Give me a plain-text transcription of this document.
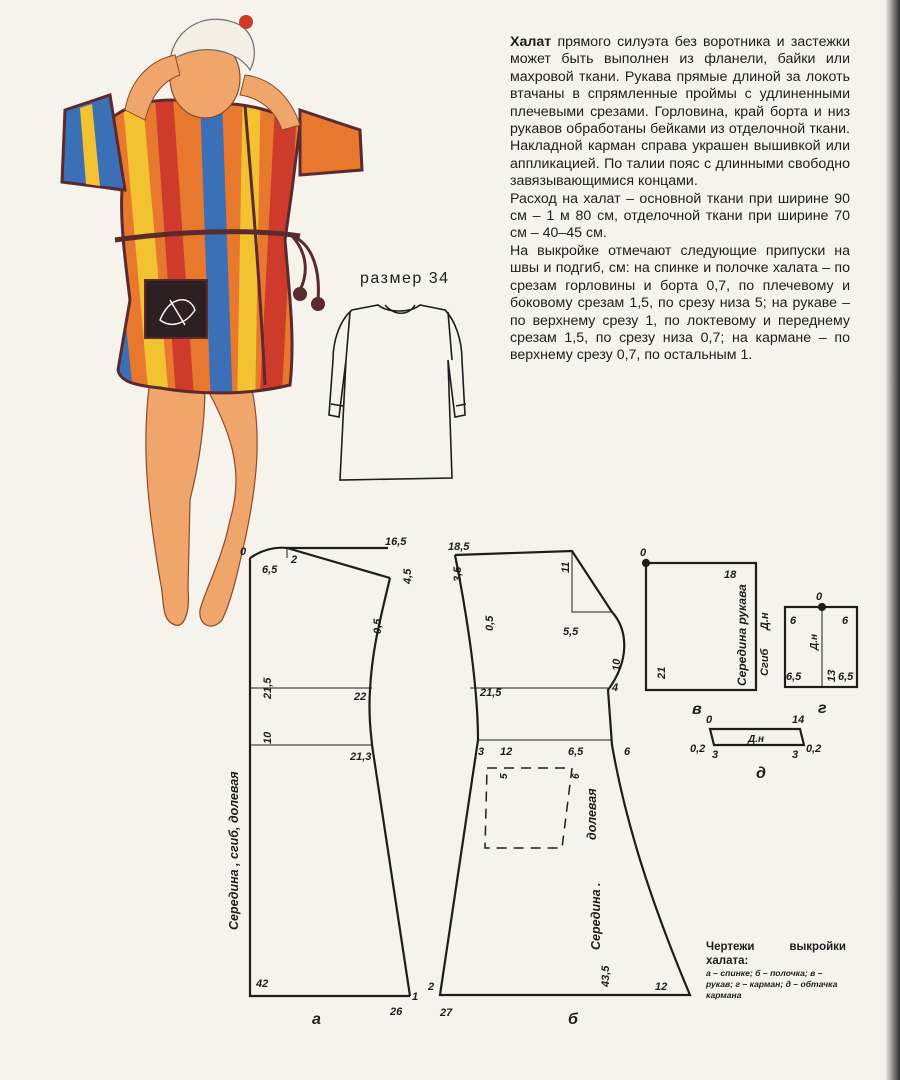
0
16,5
6,5
2
4,5
0,5
21,5	22
10
21,3
42
1
26
Середина , сгиб, долевая
а
18,5
3,5	11
0,5
5,5
10
4
21,5
3 12	6,5	6
5	6
43,5
2	12
27
долевая
Середина .
б
0
18
21	Середина рукава Сгиб
Д.н
в
0
6	6
6,5 13 6,5
Д.н
г
0	14
0,2 3	3 0,2
Д.н
д

Халат прямого силуэта без воротника и застежки может быть выполнен из фланели, байки или махровой ткани. Рукава прямые длиной за локоть втачаны в спрямленные проймы с удлиненными плечевыми срезами. Горловина, край борта и низ рукавов обработаны бейками из отделочной ткани. Накладной карман справа украшен вышивкой или аппликацией. По талии пояс с длинными свободно завязывающимися концами.

Расход на халат – основной ткани при ширине 90 см – 1 м 80 см, отделочной ткани при ширине 70 см – 40–45 см.

На выкройке отмечают следующие припуски на швы и подгиб, см: на спинке и полочке халата – по срезам горловины и борта 0,7, по плечевому и боковому срезам 1,5, по срезу низа 5; на рукаве – по верхнему срезу 1, по локтевому и переднему срезам 1,5, по срезу низа 0,7; на кармане – по верхнему срезу 0,7, по остальным 1.

размер 34
Чертежи выкройки халата:
а – спинке; б – полочка; в – рукав; г – карман; д – обтачка кармана
